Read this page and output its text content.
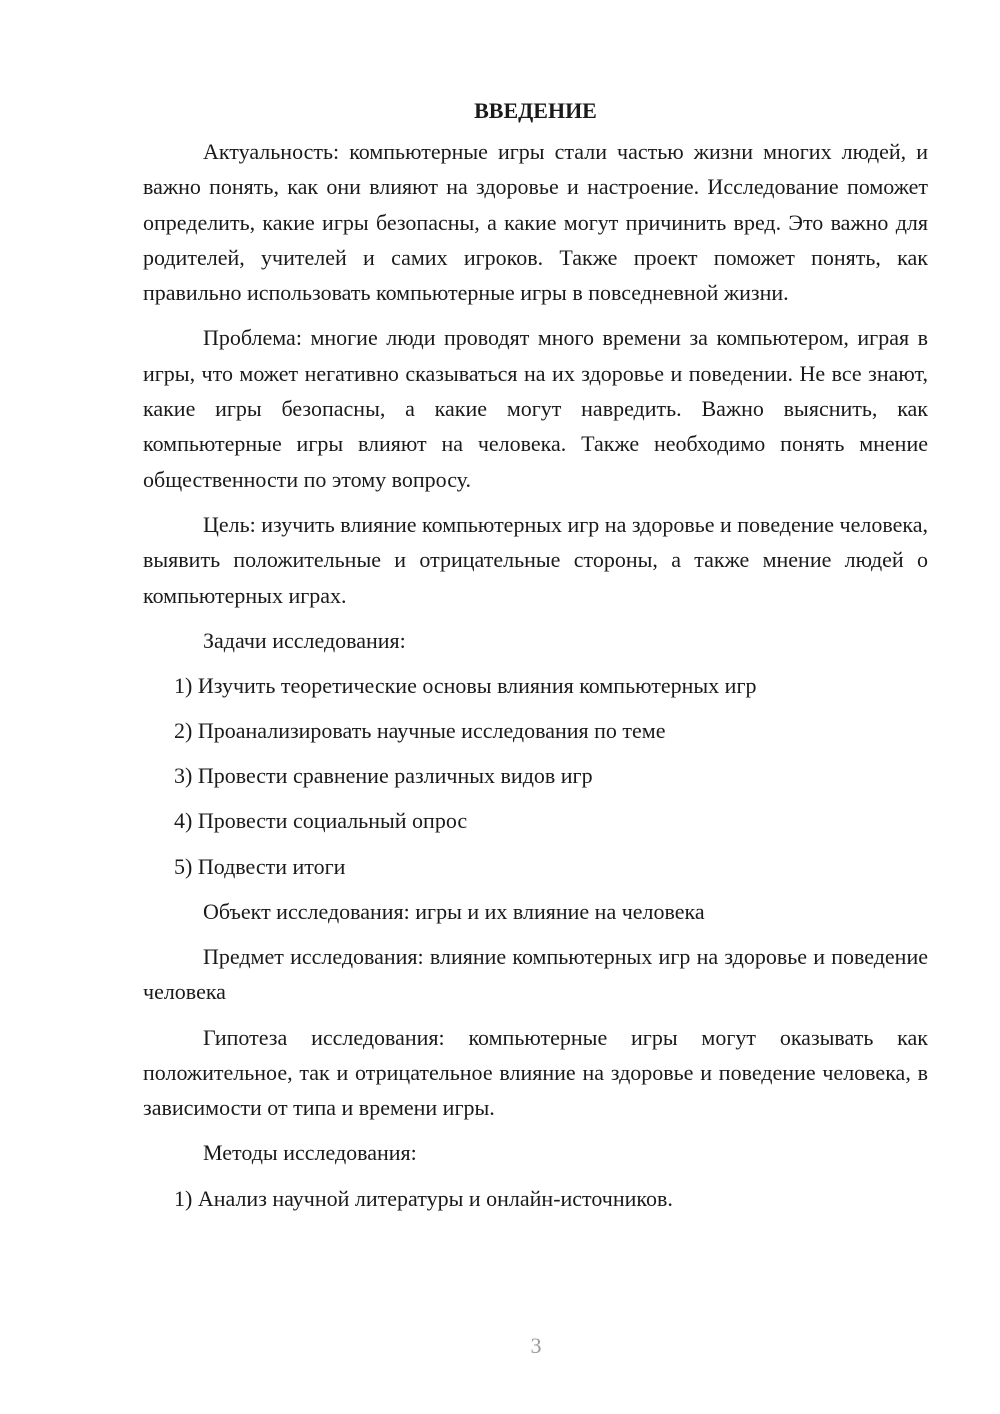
ВВЕДЕНИЕ

Актуальность: компьютерные игры стали частью жизни многих людей, и важно понять, как они влияют на здоровье и настроение. Исследование поможет определить, какие игры безопасны, а какие могут причинить вред. Это важно для родителей, учителей и самих игроков. Также проект поможет понять, как правильно использовать компьютерные игры в повседневной жизни.

Проблема: многие люди проводят много времени за компьютером, играя в игры, что может негативно сказываться на их здоровье и поведении. Не все знают, какие игры безопасны, а какие могут навредить. Важно выяснить, как компьютерные игры влияют на человека. Также необходимо понять мнение общественности по этому вопросу.

Цель: изучить влияние компьютерных игр на здоровье и поведение человека, выявить положительные и отрицательные стороны, а также мнение людей о компьютерных играх.

Задачи исследования:

1) Изучить теоретические основы влияния компьютерных игр
2) Проанализировать научные исследования по теме
3) Провести сравнение различных видов игр
4) Провести социальный опрос
5) Подвести итоги

Объект исследования: игры и их влияние на человека

Предмет исследования: влияние компьютерных игр на здоровье и поведение человека

Гипотеза исследования: компьютерные игры могут оказывать как положительное, так и отрицательное влияние на здоровье и поведение человека, в зависимости от типа и времени игры.

Методы исследования:

1) Анализ научной литературы и онлайн-источников.
3
